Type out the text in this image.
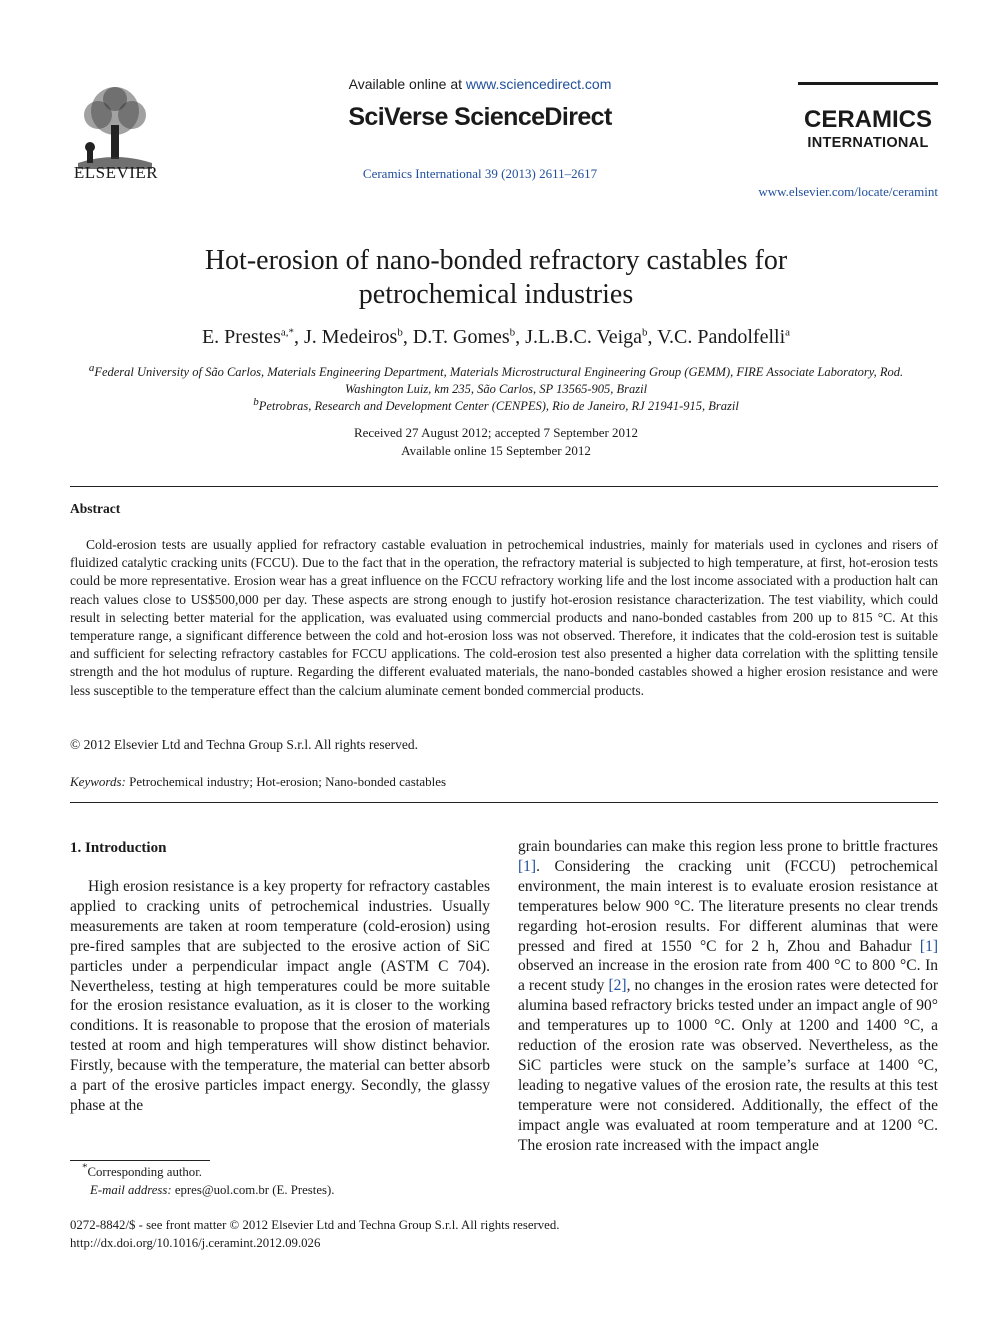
ELSEVIER
Available online at www.sciencedirect.com
SciVerse ScienceDirect
Ceramics International 39 (2013) 2611–2617
CERAMICS
INTERNATIONAL
www.elsevier.com/locate/ceramint
Hot-erosion of nano-bonded refractory castables for petrochemical industries
E. Prestes$^{a,*}$, J. Medeiros$^b$, D.T. Gomes$^b$, J.L.B.C. Veiga$^b$, V.C. Pandolfelli$^a$
$^a$Federal University of São Carlos, Materials Engineering Department, Materials Microstructural Engineering Group (GEMM), FIRE Associate Laboratory, Rod. Washington Luiz, km 235, São Carlos, SP 13565-905, Brazil
$^b$Petrobras, Research and Development Center (CENPES), Rio de Janeiro, RJ 21941-915, Brazil
Received 27 August 2012; accepted 7 September 2012
Available online 15 September 2012
Abstract
Cold-erosion tests are usually applied for refractory castable evaluation in petrochemical industries, mainly for materials used in cyclones and risers of fluidized catalytic cracking units (FCCU). Due to the fact that in the operation, the refractory material is subjected to high temperature, at first, hot-erosion tests could be more representative. Erosion wear has a great influence on the FCCU refractory working life and the lost income associated with a production halt can reach values close to US$500,000 per day. These aspects are strong enough to justify hot-erosion resistance characterization. The test viability, which could result in selecting better material for the application, was evaluated using commercial products and nano-bonded castables from 200 up to 815 °C. At this temperature range, a significant difference between the cold and hot-erosion loss was not observed. Therefore, it indicates that the cold-erosion test is suitable and sufficient for selecting refractory castables for FCCU applications. The cold-erosion test also presented a higher data correlation with the splitting tensile strength and the hot modulus of rupture. Regarding the different evaluated materials, the nano-bonded castables showed a higher erosion resistance and were less susceptible to the temperature effect than the calcium aluminate cement bonded commercial products.
© 2012 Elsevier Ltd and Techna Group S.r.l. All rights reserved.
Keywords: Petrochemical industry; Hot-erosion; Nano-bonded castables
1. Introduction
High erosion resistance is a key property for refractory castables applied to cracking units of petrochemical industries. Usually measurements are taken at room temperature (cold-erosion) using pre-fired samples that are subjected to the erosive action of SiC particles under a perpendicular impact angle (ASTM C 704). Nevertheless, testing at high temperatures could be more suitable for the erosion resistance evaluation, as it is closer to the working conditions. It is reasonable to propose that the erosion of materials tested at room and high temperatures will show distinct behavior. Firstly, because with the temperature, the material can better absorb a part of the erosive particles impact energy. Secondly, the glassy phase at the
grain boundaries can make this region less prone to brittle fractures [1]. Considering the cracking unit (FCCU) petrochemical environment, the main interest is to evaluate erosion resistance at temperatures below 900 °C. The literature presents no clear trends regarding hot-erosion results. For different aluminas that were pressed and fired at 1550 °C for 2 h, Zhou and Bahadur [1] observed an increase in the erosion rate from 400 °C to 800 °C. In a recent study [2], no changes in the erosion rates were detected for alumina based refractory bricks tested under an impact angle of 90° and temperatures up to 1000 °C. Only at 1200 and 1400 °C, a reduction of the erosion rate was observed. Nevertheless, as the SiC particles were stuck on the sample’s surface at 1400 °C, leading to negative values of the erosion rate, the results at this test temperature were not considered. Additionally, the effect of the impact angle was evaluated at room temperature and at 1200 °C. The erosion rate increased with the impact angle
*Corresponding author.
E-mail address: epres@uol.com.br (E. Prestes).
0272-8842/$ - see front matter © 2012 Elsevier Ltd and Techna Group S.r.l. All rights reserved.
http://dx.doi.org/10.1016/j.ceramint.2012.09.026
